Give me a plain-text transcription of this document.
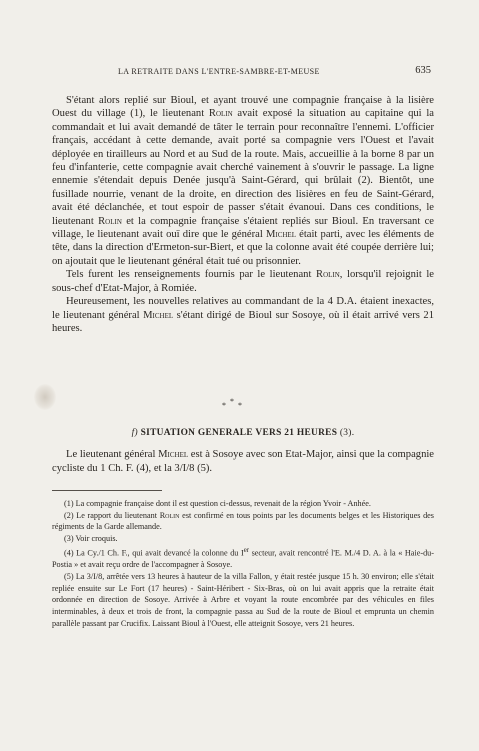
LA RETRAITE DANS L'ENTRE-SAMBRE-ET-MEUSE	635

S'étant alors replié sur Bioul, et ayant trouvé une compagnie française à la lisière Ouest du village (1), le lieutenant Rolin avait exposé la situation au capitaine qui la commandait et lui avait demandé de tâter le terrain pour reconnaître l'ennemi. L'officier français, accédant à cette demande, avait porté sa compagnie vers l'Ouest et l'avait déployée en tirailleurs au Nord et au Sud de la route. Mais, accueillie à la borne 8 par un feu d'infanterie, cette compagnie avait cherché vainement à s'ouvrir le passage. La ligne ennemie s'étendait depuis Denée jusqu'à Saint-Gérard, qui brûlait (2). Bientôt, une fusillade nourrie, venant de la droite, en direction des lisières en feu de Saint-Gérard, avait été déclanchée, et tout espoir de passer s'était évanoui. Dans ces conditions, le lieutenant Rolin et la compagnie française s'étaient repliés sur Bioul. En traversant ce village, le lieutenant avait ouï dire que le général Michel était parti, avec les éléments de tête, dans la direction d'Ermeton-sur-Biert, et que la colonne avait été coupée derrière lui; on ajoutait que le lieutenant général était tué ou prisonnier.

Tels furent les renseignements fournis par le lieutenant Rolin, lorsqu'il rejoignit le sous-chef d'Etat-Major, à Romiée.

Heureusement, les nouvelles relatives au commandant de la 4 D.A. étaient inexactes, le lieutenant général Michel s'étant dirigé de Bioul sur Sosoye, où il était arrivé vers 21 heures.

* * *
f) SITUATION GENERALE VERS 21 HEURES (3).

Le lieutenant général Michel est à Sosoye avec son Etat-Major, ainsi que la compagnie cycliste du 1 Ch. F. (4), et la 3/I/8 (5).

(1) La compagnie française dont il est question ci-dessus, revenait de la région Yvoir - Anhée.

(2) Le rapport du lieutenant Rolin est confirmé en tous points par les documents belges et les Historiques des régiments de la Garde allemande.

(3) Voir croquis.

(4) La Cy./1 Ch. F., qui avait devancé la colonne du Ier secteur, avait rencontré l'E. M./4 D. A. à la « Haie-du-Postia » et avait reçu ordre de l'accompagner à Sosoye.

(5) La 3/I/8, arrêtée vers 13 heures à hauteur de la villa Fallon, y était restée jusque 15 h. 30 environ; elle s'était repliée ensuite sur Le Fort (17 heures) - Saint-Héribert - Six-Bras, où on lui avait appris que la retraite était ordonnée en direction de Sosoye. Arrivée à Arbre et voyant la route encombrée par des véhicules en files interminables, à deux et trois de front, la compagnie passa au Sud de la route de Bioul et emprunta un chemin parallèle passant par Crucifix. Laissant Bioul à l'Ouest, elle atteignit Sosoye, vers 21 heures.
